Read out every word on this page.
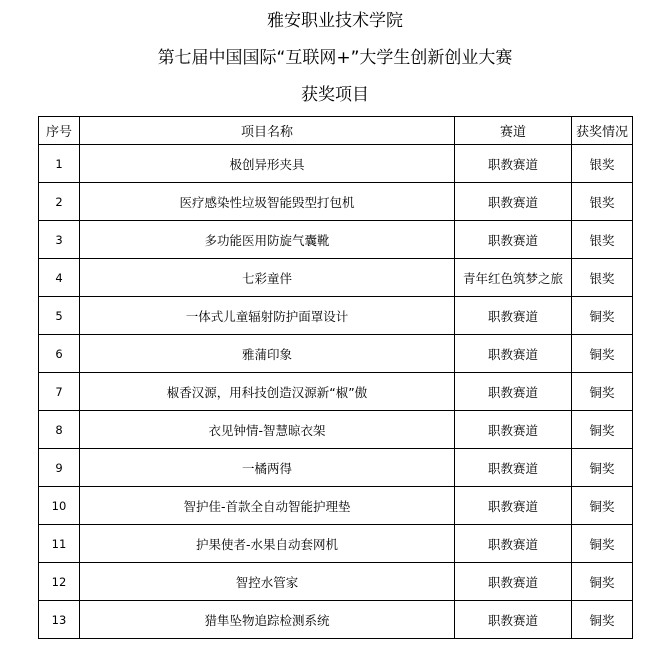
雅安职业技术学院
第七届中国国际“互联网+”大学生创新创业大赛
获奖项目
序号	项目名称	赛道	获奖情况
1	极创异形夹具	职教赛道	银奖
2	医疗感染性垃圾智能毁型打包机	职教赛道	银奖
3	多功能医用防旋气囊靴	职教赛道	银奖
4	七彩童伴	青年红色筑梦之旅	银奖
5	一体式儿童辐射防护面罩设计	职教赛道	铜奖
6	雅蒲印象	职教赛道	铜奖
7	椒香汉源，用科技创造汉源新“椒”傲	职教赛道	铜奖
8	衣见钟情-智慧晾衣架	职教赛道	铜奖
9	一橘两得	职教赛道	铜奖
10	智护佳-首款全自动智能护理垫	职教赛道	铜奖
11	护果使者-水果自动套网机	职教赛道	铜奖
12	智控水管家	职教赛道	铜奖
13	猎隼坠物追踪检测系统	职教赛道	铜奖
